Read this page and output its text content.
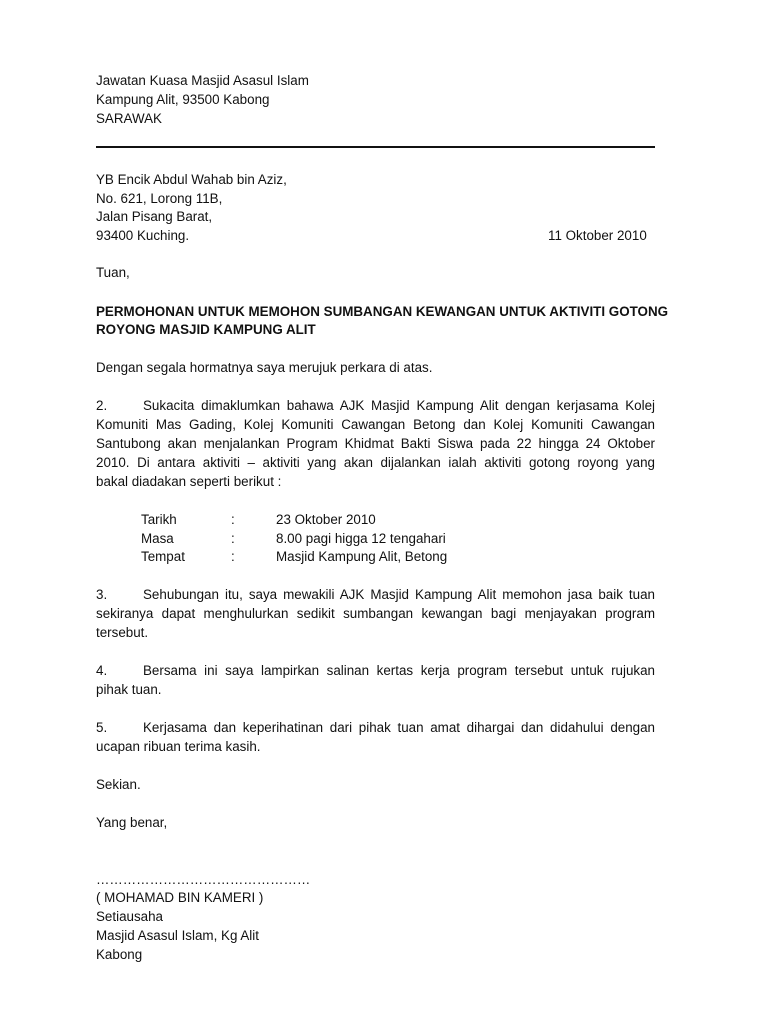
Jawatan Kuasa Masjid Asasul Islam
Kampung Alit, 93500 Kabong
SARAWAK
YB Encik Abdul Wahab bin Aziz,
No. 621, Lorong 11B,
Jalan Pisang Barat,
93400 Kuching.	11 Oktober 2010
Tuan,
PERMOHONAN UNTUK MEMOHON SUMBANGAN KEWANGAN UNTUK AKTIVITI GOTONG
ROYONG MASJID KAMPUNG ALIT
Dengan segala hormatnya saya merujuk perkara di atas.

2.	Sukacita dimaklumkan bahawa AJK Masjid Kampung Alit dengan kerjasama Kolej

Komuniti Mas Gading, Kolej Komuniti Cawangan Betong dan Kolej Komuniti Cawangan

Santubong akan menjalankan Program Khidmat Bakti Siswa pada 22 hingga 24 Oktober

2010. Di antara aktiviti – aktiviti yang akan dijalankan ialah aktiviti gotong royong yang

bakal diadakan seperti berikut :

Tarikh	:	23 Oktober 2010
Masa	:	8.00 pagi higga 12 tengahari
Tempat	:	Masjid Kampung Alit, Betong

3.	Sehubungan itu, saya mewakili AJK Masjid Kampung Alit memohon jasa baik tuan

sekiranya dapat menghulurkan sedikit sumbangan kewangan bagi menjayakan program

tersebut.

4.	Bersama ini saya lampirkan salinan kertas kerja program tersebut untuk rujukan

pihak tuan.

5.	Kerjasama dan keperihatinan dari pihak tuan amat dihargai dan didahului dengan

ucapan ribuan terima kasih.

Sekian.
Yang benar,
…………………………………………
( MOHAMAD BIN KAMERI )
Setiausaha
Masjid Asasul Islam, Kg Alit
Kabong
